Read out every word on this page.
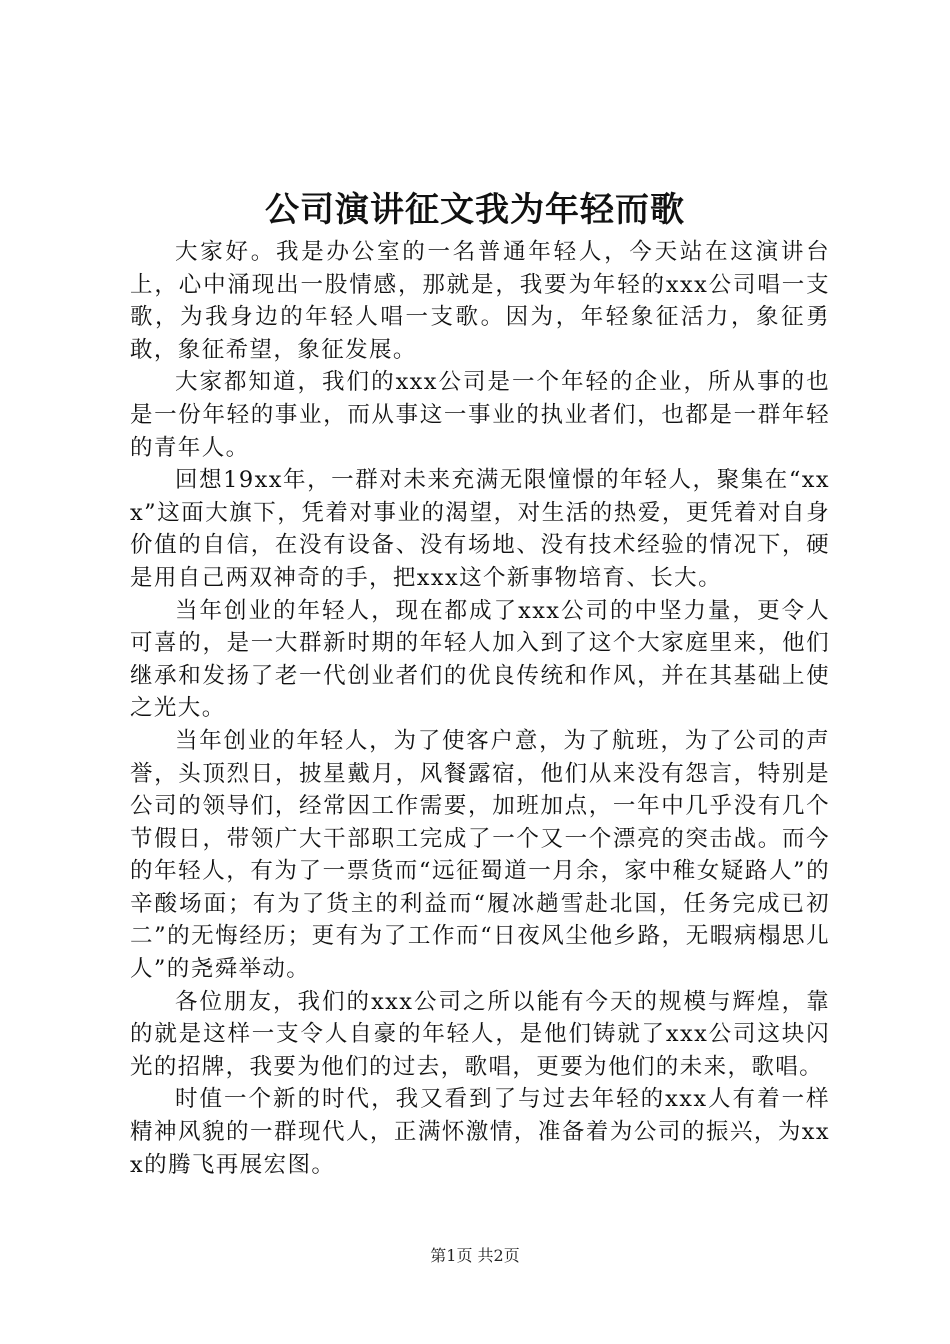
公司演讲征文我为年轻而歌

大家好。我是办公室的一名普通年轻人，今天站在这演讲台上，心中涌现出一股情感，那就是，我要为年轻的xxx公司唱一支歌，为我身边的年轻人唱一支歌。因为，年轻象征活力，象征勇敢，象征希望，象征发展。

大家都知道，我们的xxx公司是一个年轻的企业，所从事的也是一份年轻的事业，而从事这一事业的执业者们，也都是一群年轻的青年人。

回想19xx年，一群对未来充满无限憧憬的年轻人，聚集在“xxx”这面大旗下，凭着对事业的渴望，对生活的热爱，更凭着对自身价值的自信，在没有设备、没有场地、没有技术经验的情况下，硬是用自己两双神奇的手，把xxx这个新事物培育、长大。

当年创业的年轻人，现在都成了xxx公司的中坚力量，更令人可喜的，是一大群新时期的年轻人加入到了这个大家庭里来，他们继承和发扬了老一代创业者们的优良传统和作风，并在其基础上使之光大。

当年创业的年轻人，为了使客户意，为了航班，为了公司的声誉，头顶烈日，披星戴月，风餐露宿，他们从来没有怨言，特别是公司的领导们，经常因工作需要，加班加点，一年中几乎没有几个节假日，带领广大干部职工完成了一个又一个漂亮的突击战。而今的年轻人，有为了一票货而“远征蜀道一月余，家中稚女疑路人”的辛酸场面；有为了货主的利益而“履冰趟雪赴北国，任务完成已初二”的无悔经历；更有为了工作而“日夜风尘他乡路，无暇病榻思儿人”的尧舜举动。

各位朋友，我们的xxx公司之所以能有今天的规模与辉煌，靠的就是这样一支令人自豪的年轻人，是他们铸就了xxx公司这块闪光的招牌，我要为他们的过去，歌唱，更要为他们的未来，歌唱。

时值一个新的时代，我又看到了与过去年轻的xxx人有着一样精神风貌的一群现代人，正满怀激情，准备着为公司的振兴，为xxx的腾飞再展宏图。

第1页 共2页
